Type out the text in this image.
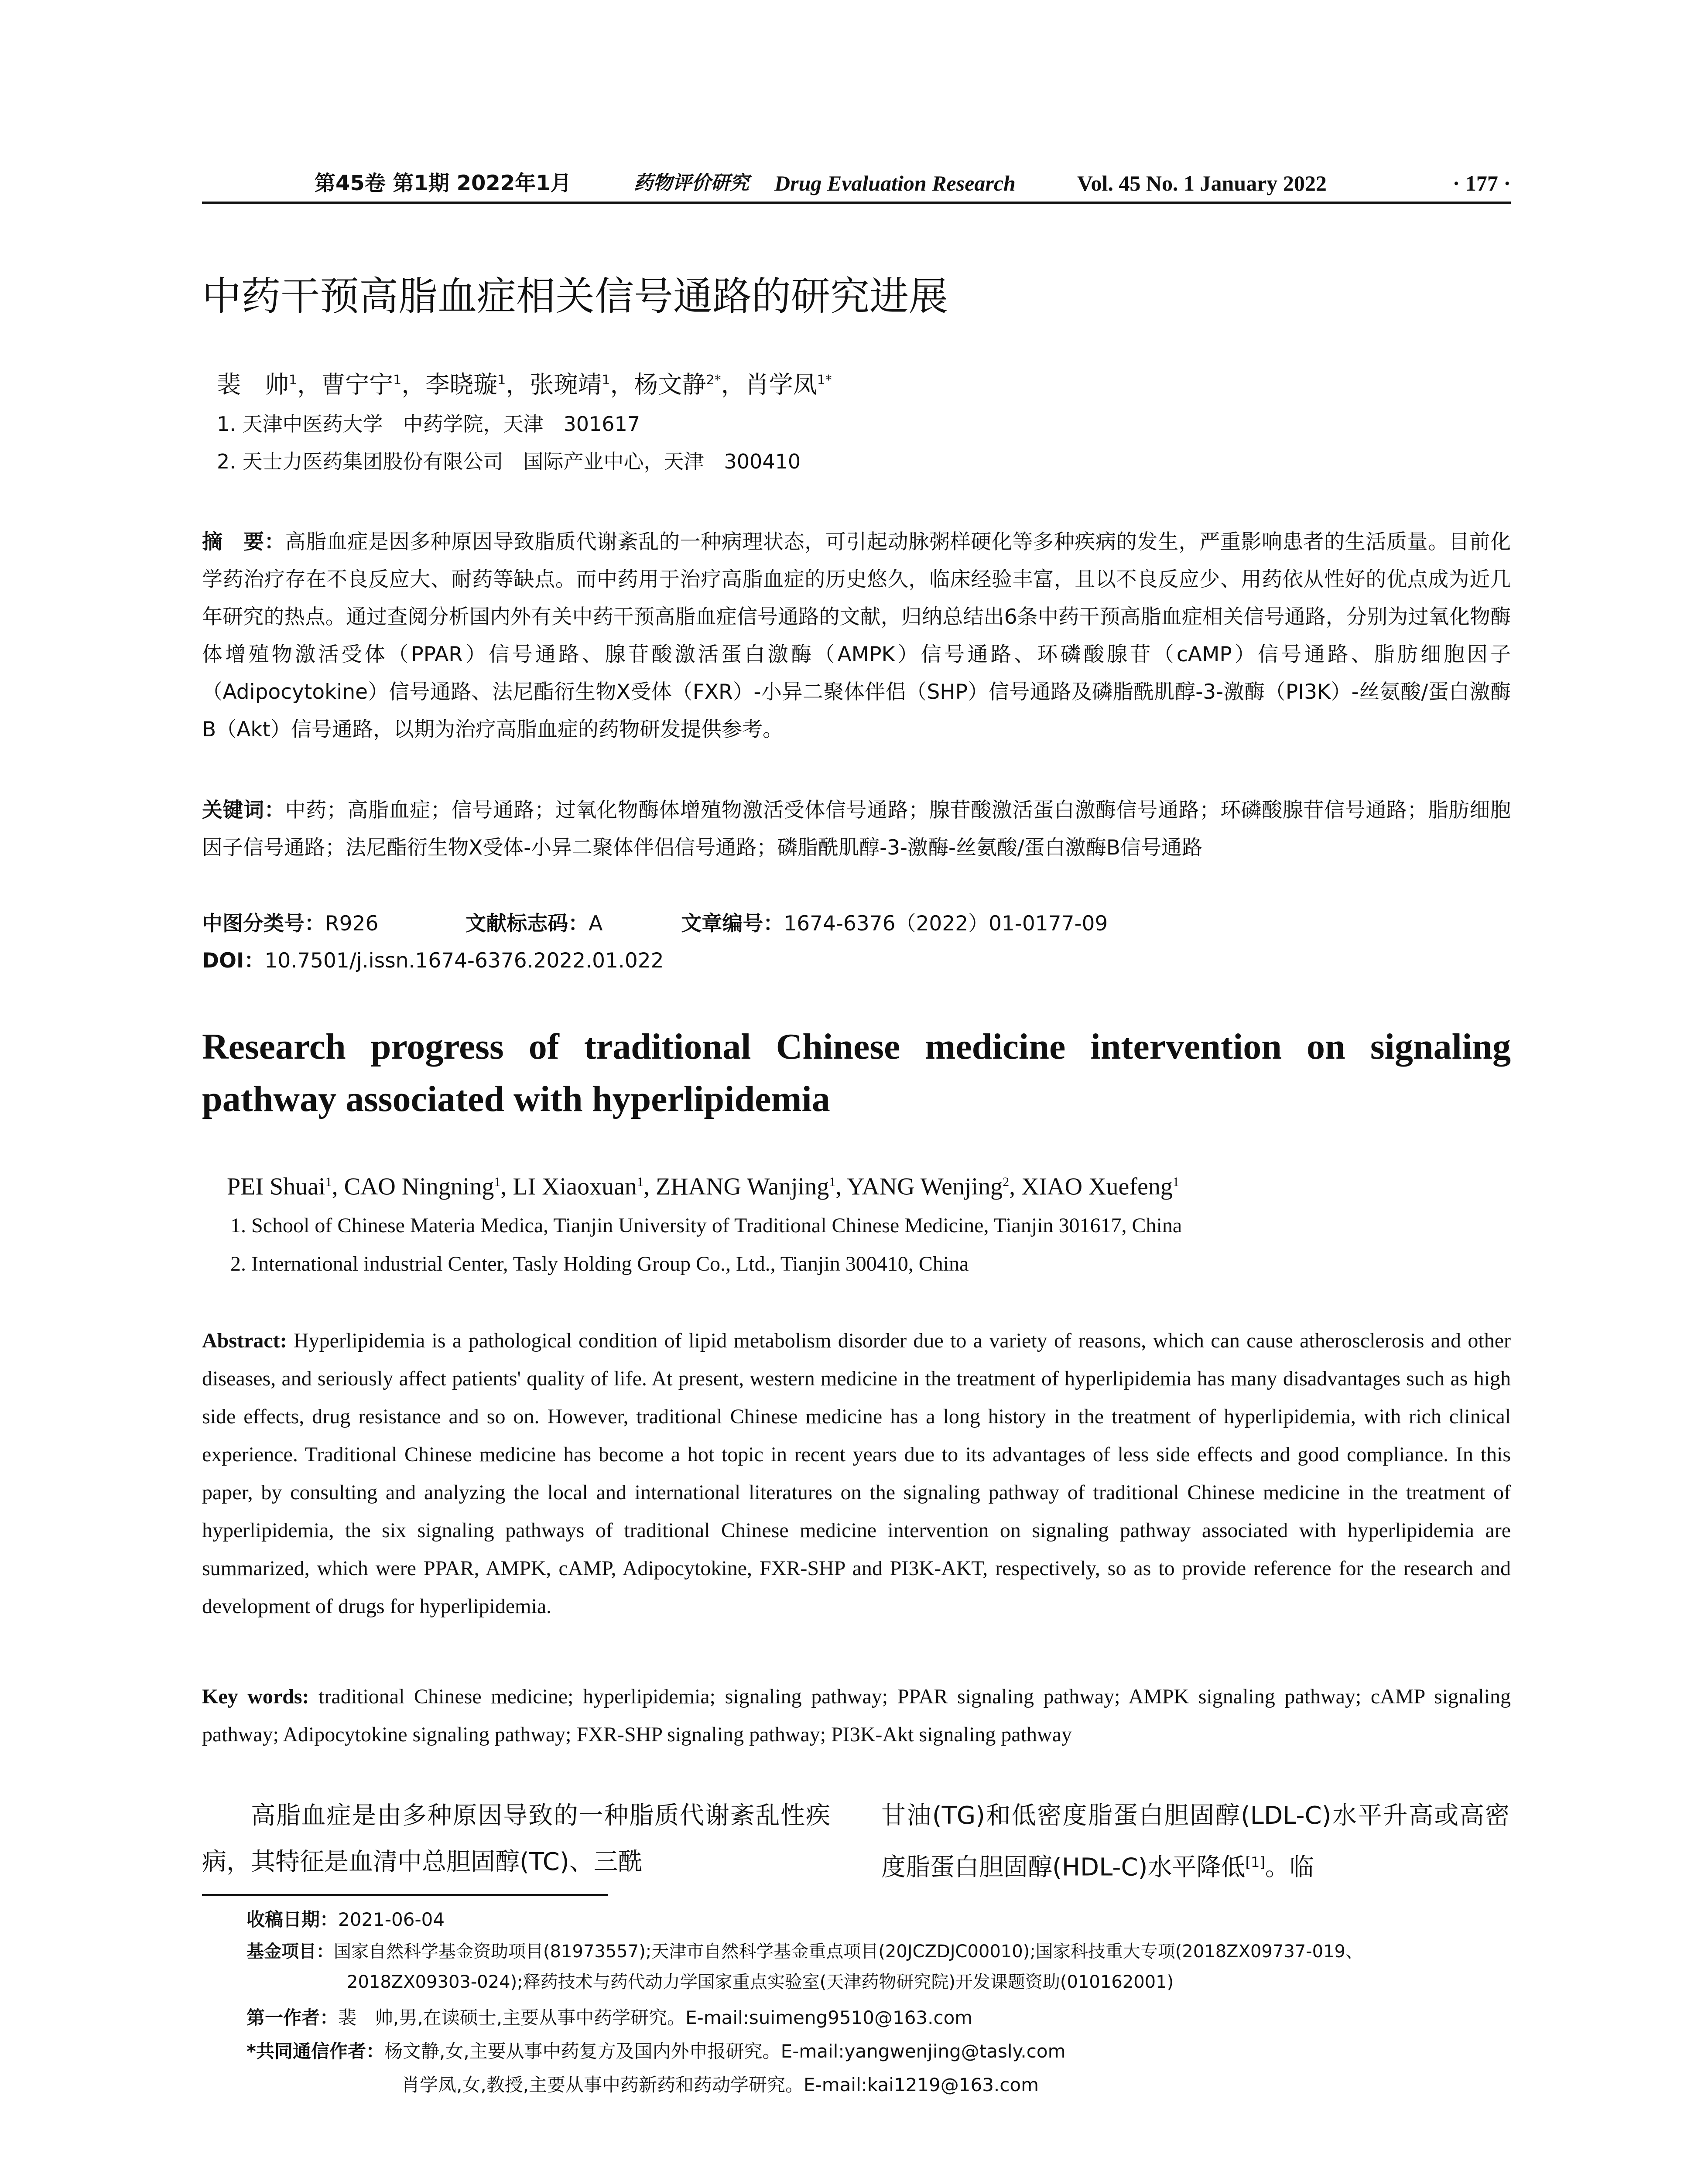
第45卷 第1期 2022年1月	药物评价研究 Drug Evaluation Research	Vol. 45 No. 1 January 2022	· 177 ·
中药干预高脂血症相关信号通路的研究进展
裴　帅$^1$，曹宁宁$^1$，李晓璇$^1$，张琬靖$^1$，杨文静$^{2*}$，肖学凤$^{1*}$
1. 天津中医药大学　中药学院，天津　301617
2. 天士力医药集团股份有限公司　国际产业中心，天津　300410
摘　要：高脂血症是因多种原因导致脂质代谢紊乱的一种病理状态，可引起动脉粥样硬化等多种疾病的发生，严重影响患者的生活质量。目前化学药治疗存在不良反应大、耐药等缺点。而中药用于治疗高脂血症的历史悠久，临床经验丰富，且以不良反应少、用药依从性好的优点成为近几年研究的热点。通过查阅分析国内外有关中药干预高脂血症信号通路的文献，归纳总结出6条中药干预高脂血症相关信号通路，分别为过氧化物酶体增殖物激活受体（PPAR）信号通路、腺苷酸激活蛋白激酶（AMPK）信号通路、环磷酸腺苷（cAMP）信号通路、脂肪细胞因子（Adipocytokine）信号通路、法尼酯衍生物X受体（FXR）-小异二聚体伴侣（SHP）信号通路及磷脂酰肌醇-3-激酶（PI3K）-丝氨酸/蛋白激酶B（Akt）信号通路，以期为治疗高脂血症的药物研发提供参考。
关键词：中药；高脂血症；信号通路；过氧化物酶体增殖物激活受体信号通路；腺苷酸激活蛋白激酶信号通路；环磷酸腺苷信号通路；脂肪细胞因子信号通路；法尼酯衍生物X受体-小异二聚体伴侣信号通路；磷脂酰肌醇-3-激酶-丝氨酸/蛋白激酶B信号通路
中图分类号：R926	文献标志码：A	文章编号：1674-6376（2022）01-0177-09
DOI：10.7501/j.issn.1674-6376.2022.01.022
Research progress of traditional Chinese medicine intervention on signaling pathway associated with hyperlipidemia
PEI Shuai$^1$, CAO Ningning$^1$, LI Xiaoxuan$^1$, ZHANG Wanjing$^1$, YANG Wenjing$^2$, XIAO Xuefeng$^1$
1. School of Chinese Materia Medica, Tianjin University of Traditional Chinese Medicine, Tianjin 301617, China
2. International industrial Center, Tasly Holding Group Co., Ltd., Tianjin 300410, China
Abstract: Hyperlipidemia is a pathological condition of lipid metabolism disorder due to a variety of reasons, which can cause atherosclerosis and other diseases, and seriously affect patients' quality of life. At present, western medicine in the treatment of hyperlipidemia has many disadvantages such as high side effects, drug resistance and so on. However, traditional Chinese medicine has a long history in the treatment of hyperlipidemia, with rich clinical experience. Traditional Chinese medicine has become a hot topic in recent years due to its advantages of less side effects and good compliance. In this paper, by consulting and analyzing the local and international literatures on the signaling pathway of traditional Chinese medicine in the treatment of hyperlipidemia, the six signaling pathways of traditional Chinese medicine intervention on signaling pathway associated with hyperlipidemia are summarized, which were PPAR, AMPK, cAMP, Adipocytokine, FXR-SHP and PI3K-AKT, respectively, so as to provide reference for the research and development of drugs for hyperlipidemia.
Key words: traditional Chinese medicine; hyperlipidemia; signaling pathway; PPAR signaling pathway; AMPK signaling pathway; cAMP signaling pathway; Adipocytokine signaling pathway; FXR-SHP signaling pathway; PI3K-Akt signaling pathway
高脂血症是由多种原因导致的一种脂质代谢紊乱性疾病，其特征是血清中总胆固醇(TC)、三酰
甘油(TG)和低密度脂蛋白胆固醇(LDL-C)水平升高或高密度脂蛋白胆固醇(HDL-C)水平降低[1]。临
收稿日期：2021-06-04
基金项目：国家自然科学基金资助项目(81973557);天津市自然科学基金重点项目(20JCZDJC00010);国家科技重大专项(2018ZX09737-019、
2018ZX09303-024);释药技术与药代动力学国家重点实验室(天津药物研究院)开发课题资助(010162001)
第一作者：裴　帅,男,在读硕士,主要从事中药学研究。E-mail:suimeng9510@163.com
*共同通信作者：杨文静,女,主要从事中药复方及国内外申报研究。E-mail:yangwenjing@tasly.com
肖学凤,女,教授,主要从事中药新药和药动学研究。E-mail:kai1219@163.com
